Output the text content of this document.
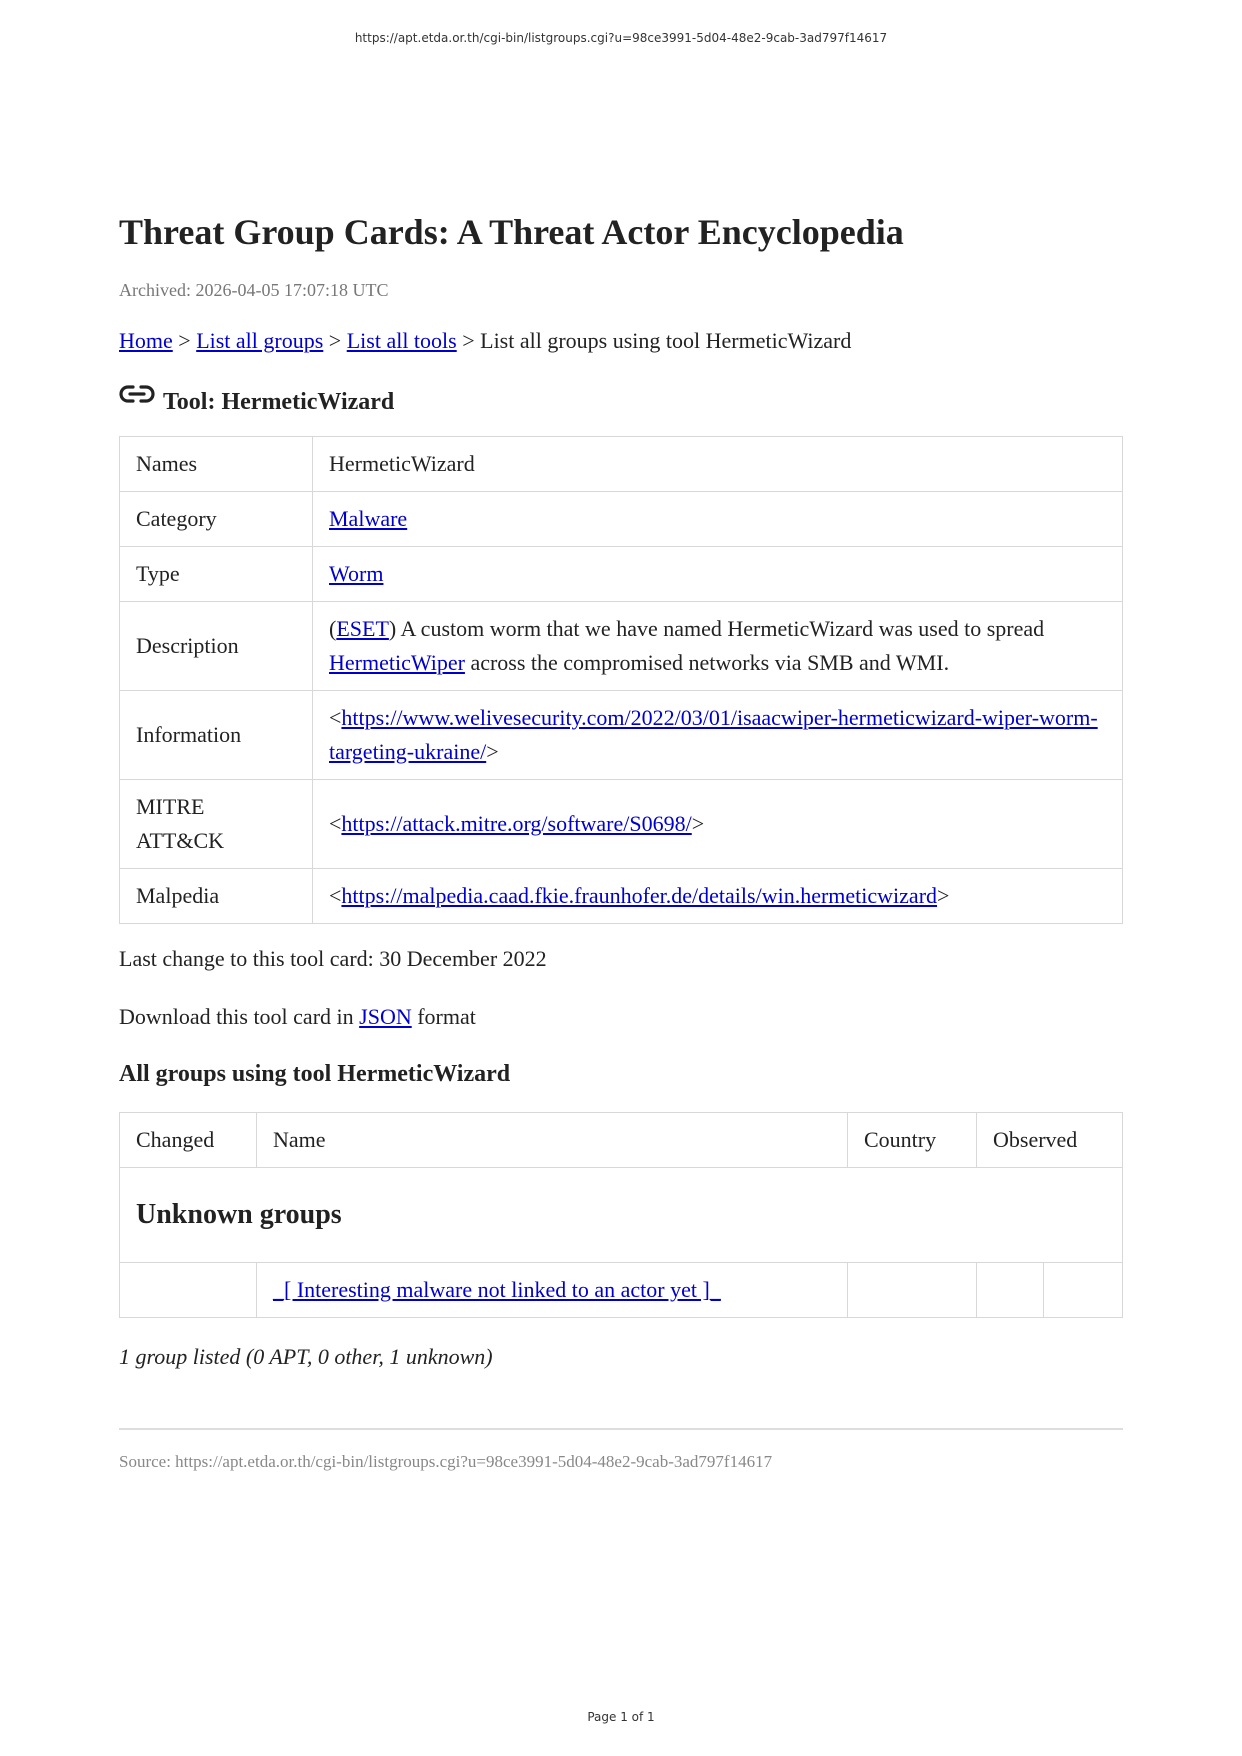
https://apt.etda.or.th/cgi-bin/listgroups.cgi?u=98ce3991-5d04-48e2-9cab-3ad797f14617
Threat Group Cards: A Threat Actor Encyclopedia
Archived: 2026-04-05 17:07:18 UTC
Home > List all groups > List all tools > List all groups using tool HermeticWizard
Tool: HermeticWizard
Names	HermeticWizard
Category	Malware
Type	Worm
Description	(ESET) A custom worm that we have named HermeticWizard was used to spread HermeticWiper across the compromised networks via SMB and WMI.
Information	<https://www.welivesecurity.com/2022/03/01/isaacwiper-hermeticwizard-wiper-worm-targeting-ukraine/>
MITRE ATT&CK	<https://attack.mitre.org/software/S0698/>
Malpedia	<https://malpedia.caad.fkie.fraunhofer.de/details/win.hermeticwizard>
Last change to this tool card: 30 December 2022
Download this tool card in JSON format
All groups using tool HermeticWizard
Changed	Name	Country	Observed	
Unknown groups				
	_[ Interesting malware not linked to an actor yet ]_			
1 group listed (0 APT, 0 other, 1 unknown)
Source: https://apt.etda.or.th/cgi-bin/listgroups.cgi?u=98ce3991-5d04-48e2-9cab-3ad797f14617
Page 1 of 1
